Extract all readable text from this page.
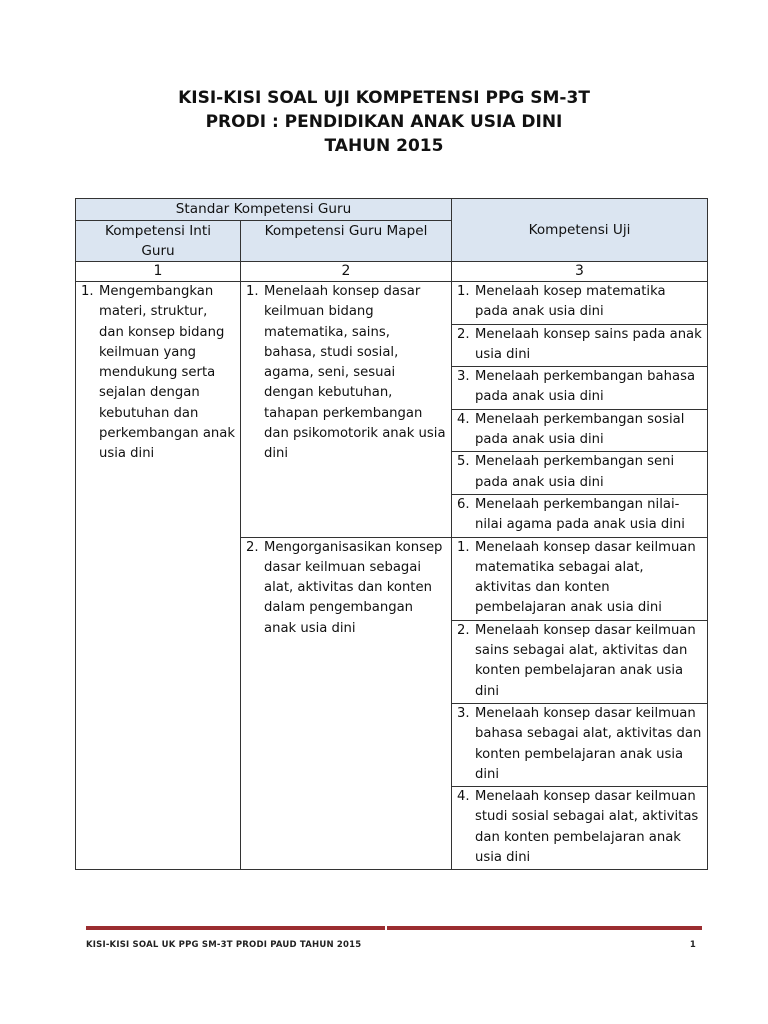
KISI-KISI SOAL UJI KOMPETENSI PPG SM-3T
PRODI : PENDIDIKAN ANAK USIA DINI
TAHUN 2015
Standar Kompetensi Guru		Kompetensi Uji
Kompetensi Inti Guru	Kompetensi Guru Mapel	
1	2	3

1. Mengembangkan materi, struktur, dan konsep bidang keilmuan yang mendukung serta sejalan dengan kebutuhan dan perkembangan anak usia dini	1. Menelaah konsep dasar keilmuan bidang matematika, sains, bahasa, studi sosial, agama, seni, sesuai dengan kebutuhan, tahapan perkembangan dan psikomotorik anak usia dini	1. Menelaah kosep matematika pada anak usia dini

		2. Menelaah konsep sains pada anak usia dini

		3. Menelaah perkembangan bahasa pada anak usia dini

		4. Menelaah perkembangan sosial pada anak usia dini

		5. Menelaah perkembangan seni pada anak usia dini

		6. Menelaah perkembangan nilai-nilai agama pada anak usia dini

	2. Mengorganisasikan konsep dasar keilmuan sebagai alat, aktivitas dan konten dalam pengembangan anak usia dini	1. Menelaah konsep dasar keilmuan matematika sebagai alat, aktivitas dan konten pembelajaran anak usia dini

		2. Menelaah konsep dasar keilmuan sains sebagai alat, aktivitas dan konten pembelajaran anak usia dini

		3. Menelaah konsep dasar keilmuan bahasa sebagai alat, aktivitas dan konten pembelajaran anak usia dini

		4. Menelaah konsep dasar keilmuan studi sosial sebagai alat, aktivitas dan konten pembelajaran anak usia dini
KISI-KISI SOAL UK PPG SM-3T PRODI PAUD TAHUN 2015	1
